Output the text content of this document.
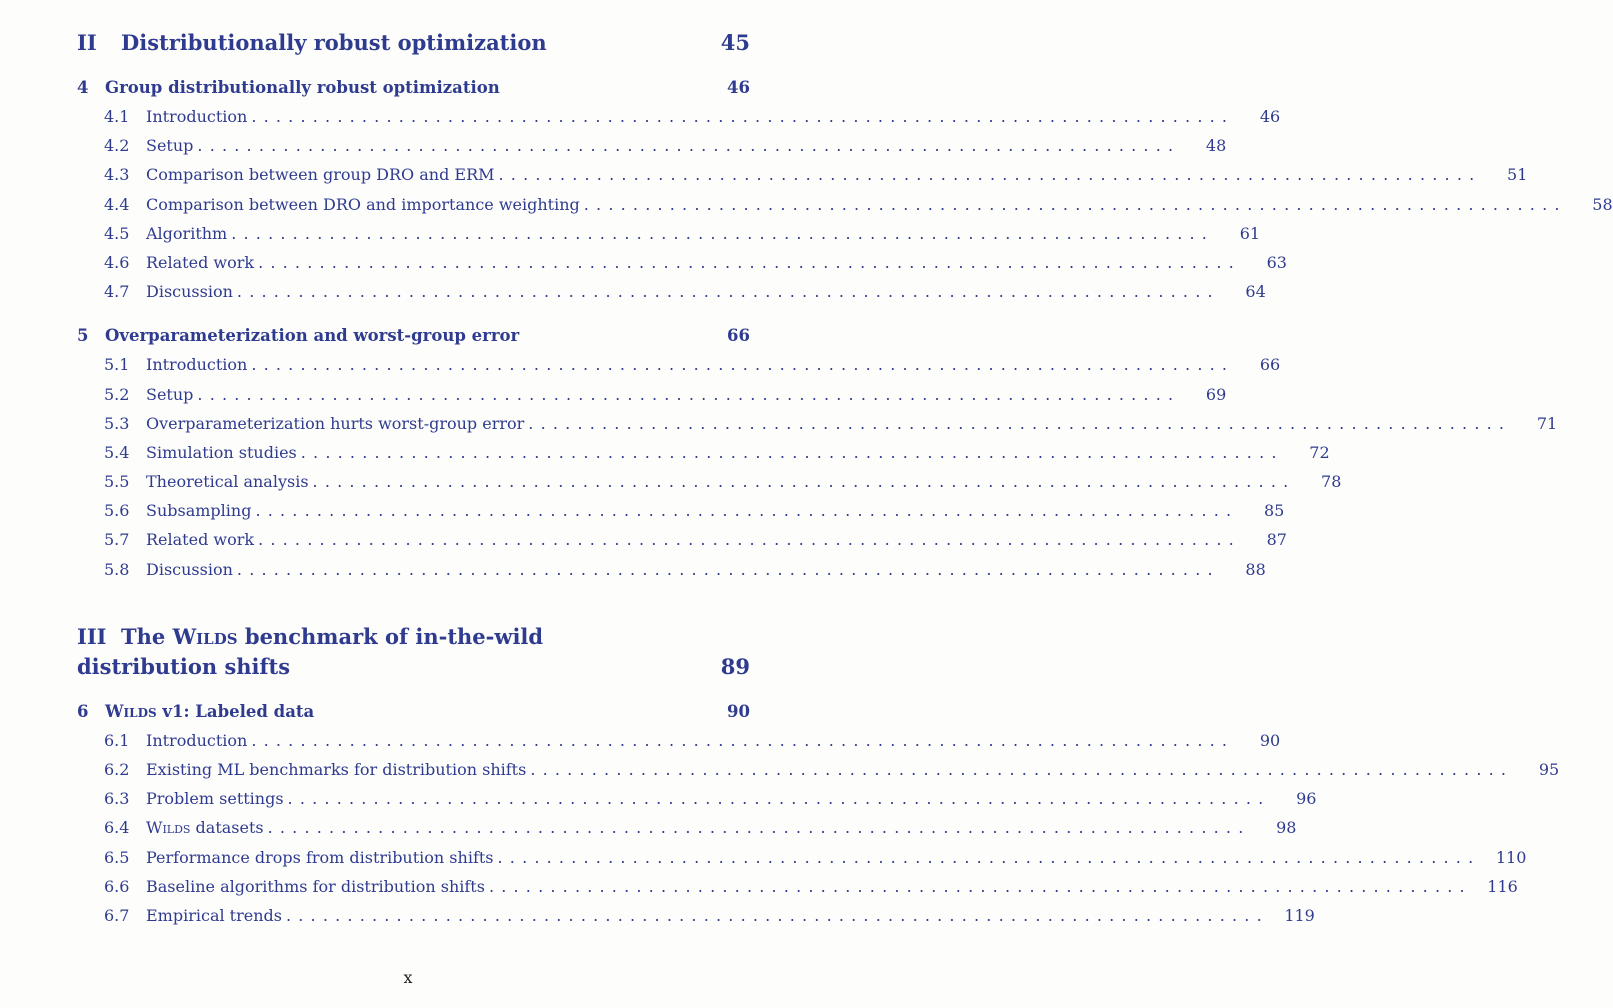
II	Distributionally robust optimization	45
4	Group distributionally robust optimization	46
4.1	Introduction ................................................................................	46
4.2	Setup ................................................................................	48
4.3	Comparison between group DRO and ERM ................................................................................	51
4.4	Comparison between DRO and importance weighting ................................................................................	58
4.5	Algorithm ................................................................................	61
4.6	Related work ................................................................................	63
4.7	Discussion ................................................................................	64
5	Overparameterization and worst-group error	66
5.1	Introduction ................................................................................	66
5.2	Setup ................................................................................	69
5.3	Overparameterization hurts worst-group error ................................................................................	71
5.4	Simulation studies ................................................................................	72
5.5	Theoretical analysis ................................................................................	78
5.6	Subsampling ................................................................................	85
5.7	Related work ................................................................................	87
5.8	Discussion ................................................................................	88
III The Wilds benchmark of in-the-wild
distribution shifts	89
6	Wilds v1: Labeled data	90
6.1	Introduction ................................................................................	90
6.2	Existing ML benchmarks for distribution shifts ................................................................................	95
6.3	Problem settings ................................................................................	96
6.4	Wilds datasets ................................................................................	98
6.5	Performance drops from distribution shifts ................................................................................ 110
6.6	Baseline algorithms for distribution shifts ................................................................................ 116
6.7	Empirical trends ................................................................................ 119
x
